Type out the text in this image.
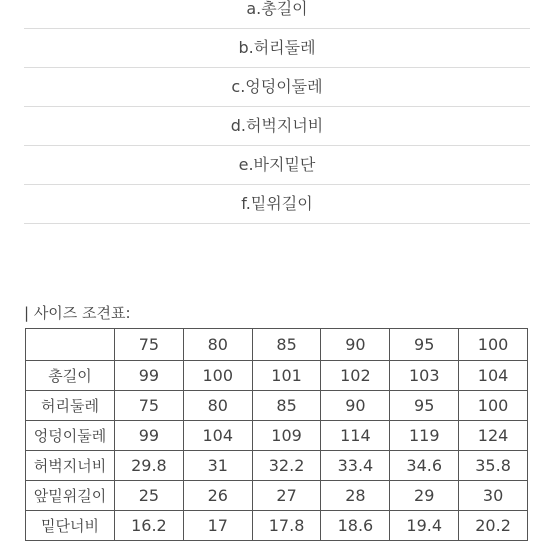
a.총길이
b.허리둘레
c.엉덩이둘레
d.허벅지너비
e.바지밑단
f.밑위길이

| 사이즈 조견표:

	75	80	85	90	95	100
총길이	99	100	101	102	103	104
허리둘레	75	80	85	90	95	100
엉덩이둘레	99	104	109	114	119	124
허벅지너비	29.8	31	32.2	33.4	34.6	35.8
앞밑위길이	25	26	27	28	29	30
밑단너비	16.2	17	17.8	18.6	19.4	20.2
